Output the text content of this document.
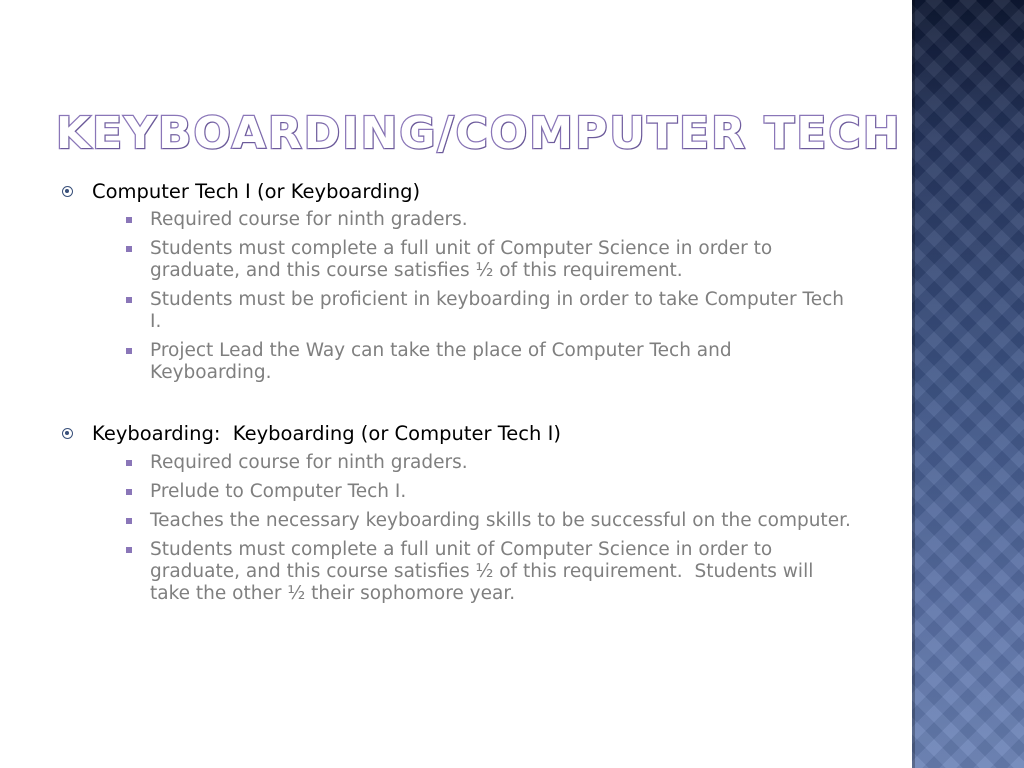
KEYBOARDING/COMPUTER TECH
Computer Tech I (or Keyboarding)
Required course for ninth graders.
Students must complete a full unit of Computer Science in order to graduate, and this course satisfies ½ of this requirement.
Students must be proficient in keyboarding in order to take Computer Tech I.
Project Lead the Way can take the place of Computer Tech and Keyboarding.
Keyboarding:  Keyboarding (or Computer Tech I)
Required course for ninth graders.
Prelude to Computer Tech I.
Teaches the necessary keyboarding skills to be successful on the computer.
Students must complete a full unit of Computer Science in order to graduate, and this course satisfies ½ of this requirement.  Students will take the other ½ their sophomore year.
